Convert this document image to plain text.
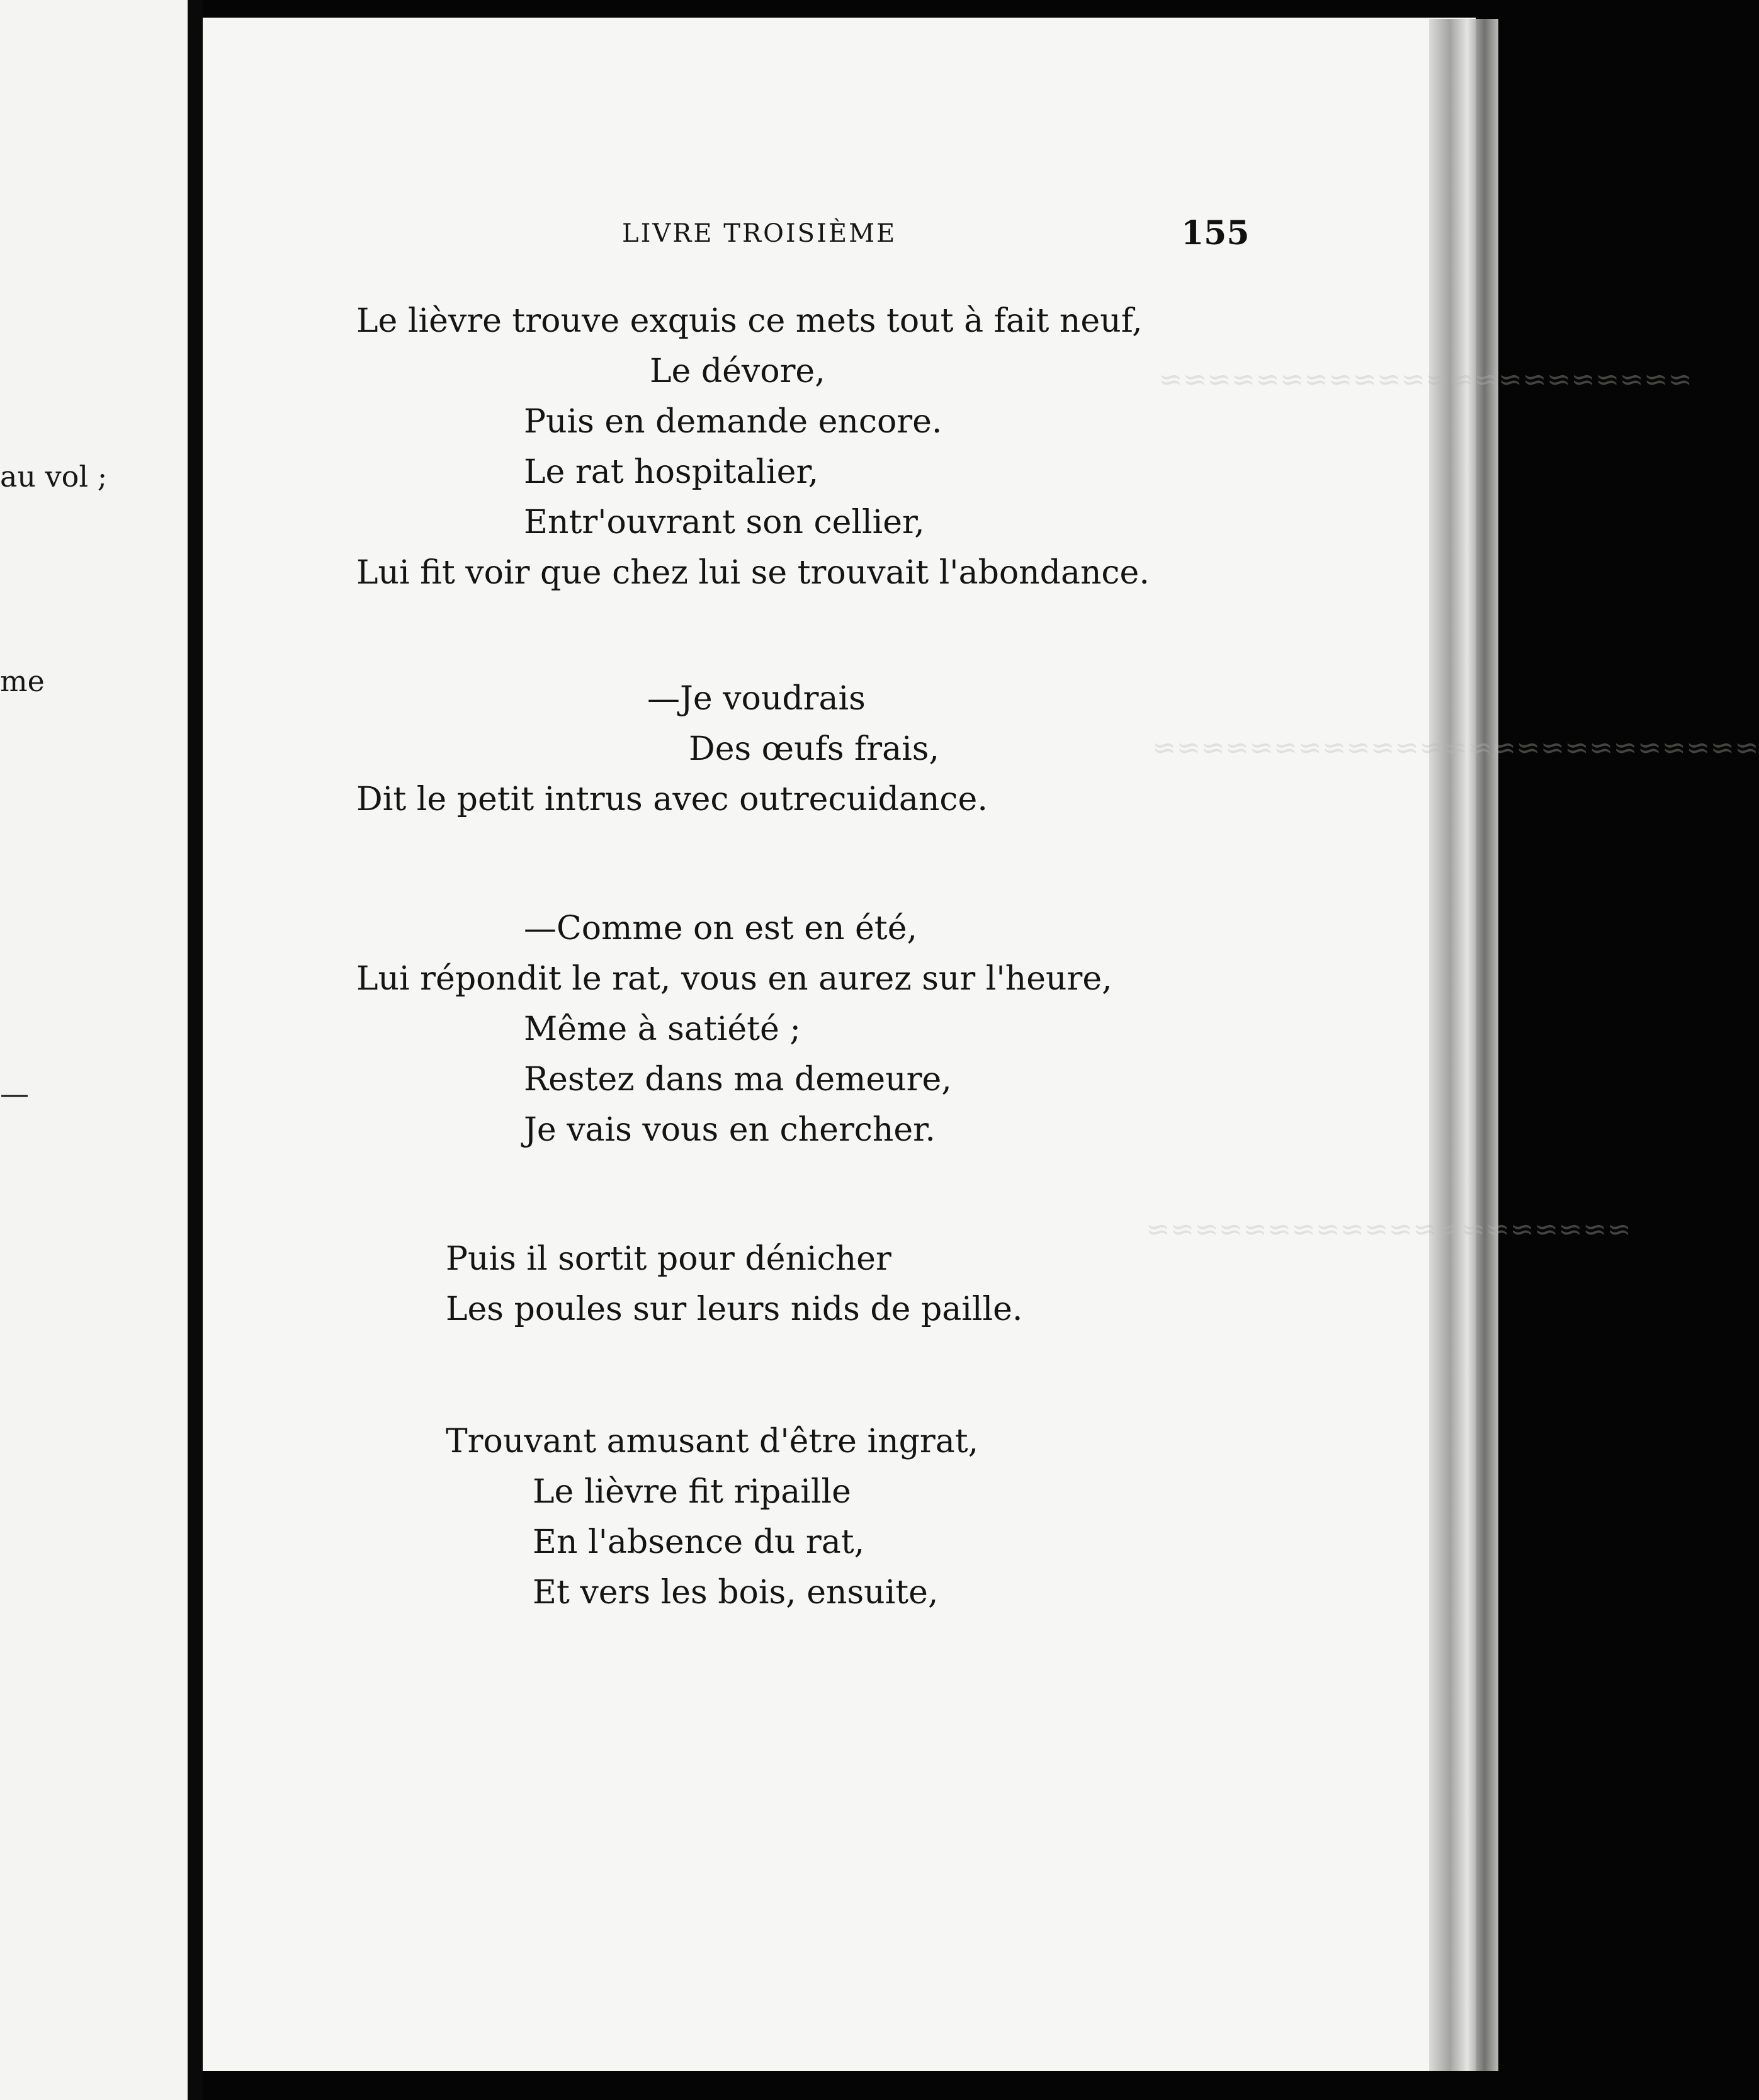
au vol ;
me
—
≈≈≈≈≈≈≈≈≈≈≈≈≈≈≈≈≈≈≈≈≈≈
≈≈≈≈≈≈≈≈≈≈≈≈≈≈≈≈≈≈≈≈≈≈≈≈≈
≈≈≈≈≈≈≈≈≈≈≈≈≈≈≈≈≈≈≈≈
LIVRE TROISIÈME	155
Le lièvre trouve exquis ce mets tout à fait neuf,
Le dévore,
Puis en demande encore.
Le rat hospitalier,
Entr'ouvrant son cellier,
Lui fit voir que chez lui se trouvait l'abondance.
—Je voudrais
Des œufs frais,
Dit le petit intrus avec outrecuidance.
—Comme on est en été,
Lui répondit le rat, vous en aurez sur l'heure,
Même à satiété ;
Restez dans ma demeure,
Je vais vous en chercher.
Puis il sortit pour dénicher
Les poules sur leurs nids de paille.
Trouvant amusant d'être ingrat,
Le lièvre fit ripaille
En l'absence du rat,
Et vers les bois, ensuite,
